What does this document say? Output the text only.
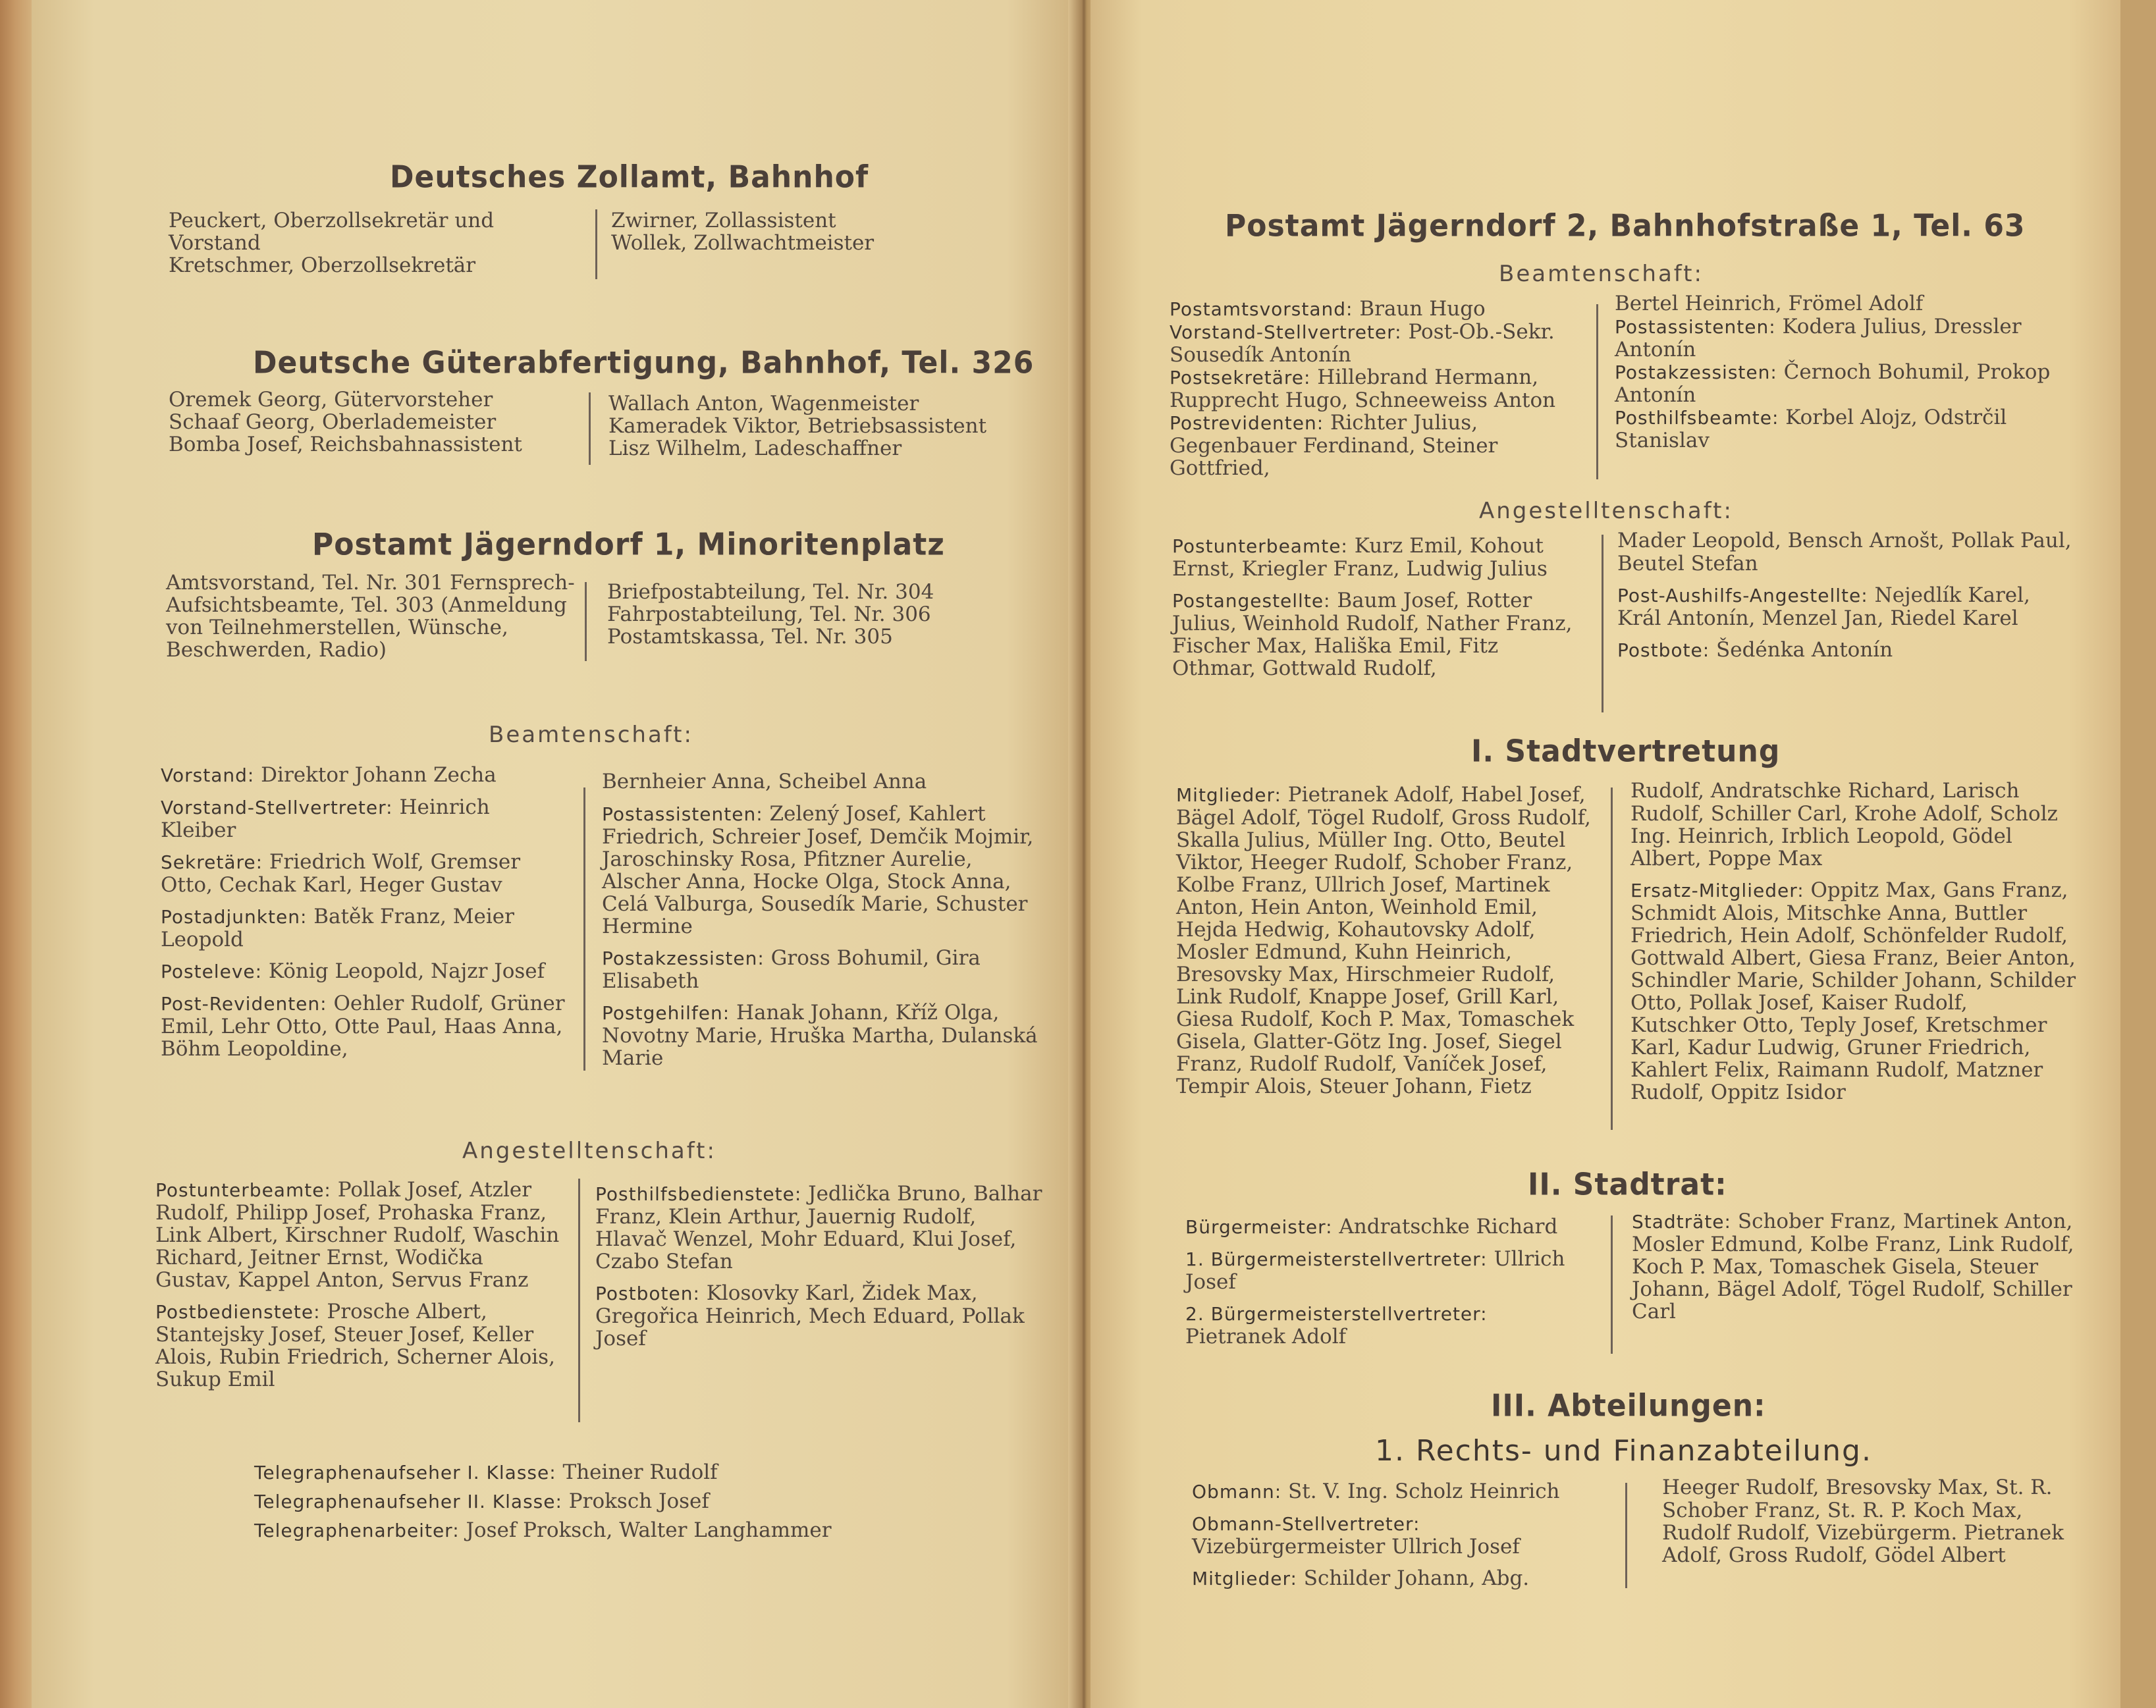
Deutsches Zollamt, Bahnhof

Peuckert, Oberzollsekretär und Vorstand

Kretschmer, Oberzollsekretär

Zwirner, Zollassistent

Wollek, Zollwachtmeister

Deutsche Güterabfertigung, Bahnhof, Tel. 326

Oremek Georg, Gütervorsteher

Schaaf Georg, Oberlademeister

Bomba Josef, Reichsbahnassistent

Wallach Anton, Wagenmeister

Kameradek Viktor, Betriebsassistent

Lisz Wilhelm, Ladeschaffner

Postamt Jägerndorf 1, Minoritenplatz

Amtsvorstand, Tel. Nr. 301 Fernsprech-Aufsichtsbeamte, Tel. 303 (Anmeldung von Teilnehmerstellen, Wünsche, Beschwerden, Radio)

Briefpostabteilung, Tel. Nr. 304

Fahrpostabteilung, Tel. Nr. 306

Postamtskassa, Tel. Nr. 305

Beamtenschaft:

Vorstand: Direktor Johann Zecha

Vorstand-Stellvertreter: Heinrich Kleiber

Sekretäre: Friedrich Wolf, Gremser Otto, Cechak Karl, Heger Gustav

Postadjunkten: Batěk Franz, Meier Leopold

Posteleve: König Leopold, Najzr Josef

Post-Revidenten: Oehler Rudolf, Grüner Emil, Lehr Otto, Otte Paul, Haas Anna, Böhm Leopoldine,

Bernheier Anna, Scheibel Anna

Postassistenten: Zelený Josef, Kahlert Friedrich, Schreier Josef, Demčik Mojmir, Jaroschinsky Rosa, Pfitzner Aurelie, Alscher Anna, Hocke Olga, Stock Anna, Celá Valburga, Sousedík Marie, Schuster Hermine

Postakzessisten: Gross Bohumil, Gira Elisabeth

Postgehilfen: Hanak Johann, Kříž Olga, Novotny Marie, Hruška Martha, Dulanská Marie

Angestelltenschaft:

Postunterbeamte: Pollak Josef, Atzler Rudolf, Philipp Josef, Prohaska Franz, Link Albert, Kirschner Rudolf, Waschin Richard, Jeitner Ernst, Wodička Gustav, Kappel Anton, Servus Franz

Postbedienstete: Prosche Albert, Stantejsky Josef, Steuer Josef, Keller Alois, Rubin Friedrich, Scherner Alois, Sukup Emil

Posthilfsbedienstete: Jedlička Bruno, Balhar Franz, Klein Arthur, Jauernig Rudolf, Hlavač Wenzel, Mohr Eduard, Klui Josef, Czabo Stefan

Postboten: Klosovky Karl, Židek Max, Gregořica Heinrich, Mech Eduard, Pollak Josef

Telegraphenaufseher I. Klasse: Theiner Rudolf
Telegraphenaufseher II. Klasse: Proksch Josef
Telegraphenarbeiter: Josef Proksch, Walter Langhammer
Postamt Jägerndorf 2, Bahnhofstraße 1, Tel. 63
Beamtenschaft:

Postamtsvorstand: Braun Hugo

Vorstand-Stellvertreter: Post-Ob.-Sekr. Sousedík Antonín

Postsekretäre: Hillebrand Hermann, Rupprecht Hugo, Schneeweiss Anton

Postrevidenten: Richter Julius, Gegenbauer Ferdinand, Steiner Gottfried,

Bertel Heinrich, Frömel Adolf

Postassistenten: Kodera Julius, Dressler Antonín

Postakzessisten: Černoch Bohumil, Prokop Antonín

Posthilfsbeamte: Korbel Alojz, Odstrčil Stanislav

Angestelltenschaft:

Postunterbeamte: Kurz Emil, Kohout Ernst, Kriegler Franz, Ludwig Julius

Postangestellte: Baum Josef, Rotter Julius, Weinhold Rudolf, Nather Franz, Fischer Max, Hališka Emil, Fitz Othmar, Gottwald Rudolf,

Mader Leopold, Bensch Arnošt, Pollak Paul, Beutel Stefan

Post-Aushilfs-Angestellte: Nejedlík Karel, Král Antonín, Menzel Jan, Riedel Karel

Postbote: Šedénka Antonín

I. Stadtvertretung

Mitglieder: Pietranek Adolf, Habel Josef, Bägel Adolf, Tögel Rudolf, Gross Rudolf, Skalla Julius, Müller Ing. Otto, Beutel Viktor, Heeger Rudolf, Schober Franz, Kolbe Franz, Ullrich Josef, Martinek Anton, Hein Anton, Weinhold Emil, Hejda Hedwig, Kohautovsky Adolf, Mosler Edmund, Kuhn Heinrich, Bresovsky Max, Hirschmeier Rudolf, Link Rudolf, Knappe Josef, Grill Karl, Giesa Rudolf, Koch P. Max, Tomaschek Gisela, Glatter-Götz Ing. Josef, Siegel Franz, Rudolf Rudolf, Vaníček Josef, Tempir Alois, Steuer Johann, Fietz

Rudolf, Andratschke Richard, Larisch Rudolf, Schiller Carl, Krohe Adolf, Scholz Ing. Heinrich, Irblich Leopold, Gödel Albert, Poppe Max

Ersatz-Mitglieder: Oppitz Max, Gans Franz, Schmidt Alois, Mitschke Anna, Buttler Friedrich, Hein Adolf, Schönfelder Rudolf, Gottwald Albert, Giesa Franz, Beier Anton, Schindler Marie, Schilder Johann, Schilder Otto, Pollak Josef, Kaiser Rudolf, Kutschker Otto, Teply Josef, Kretschmer Karl, Kadur Ludwig, Gruner Friedrich, Kahlert Felix, Raimann Rudolf, Matzner Rudolf, Oppitz Isidor

II. Stadtrat:

Bürgermeister: Andratschke Richard

1. Bürgermeisterstellvertreter: Ullrich Josef

2. Bürgermeisterstellvertreter: Pietranek Adolf

Stadträte: Schober Franz, Martinek Anton, Mosler Edmund, Kolbe Franz, Link Rudolf, Koch P. Max, Tomaschek Gisela, Steuer Johann, Bägel Adolf, Tögel Rudolf, Schiller Carl

III. Abteilungen:
1. Rechts- und Finanzabteilung.

Obmann: St. V. Ing. Scholz Heinrich

Obmann-Stellvertreter: Vizebürgermeister Ullrich Josef

Mitglieder: Schilder Johann, Abg.

Heeger Rudolf, Bresovsky Max, St. R. Schober Franz, St. R. P. Koch Max, Rudolf Rudolf, Vizebürgerm. Pietranek Adolf, Gross Rudolf, Gödel Albert
